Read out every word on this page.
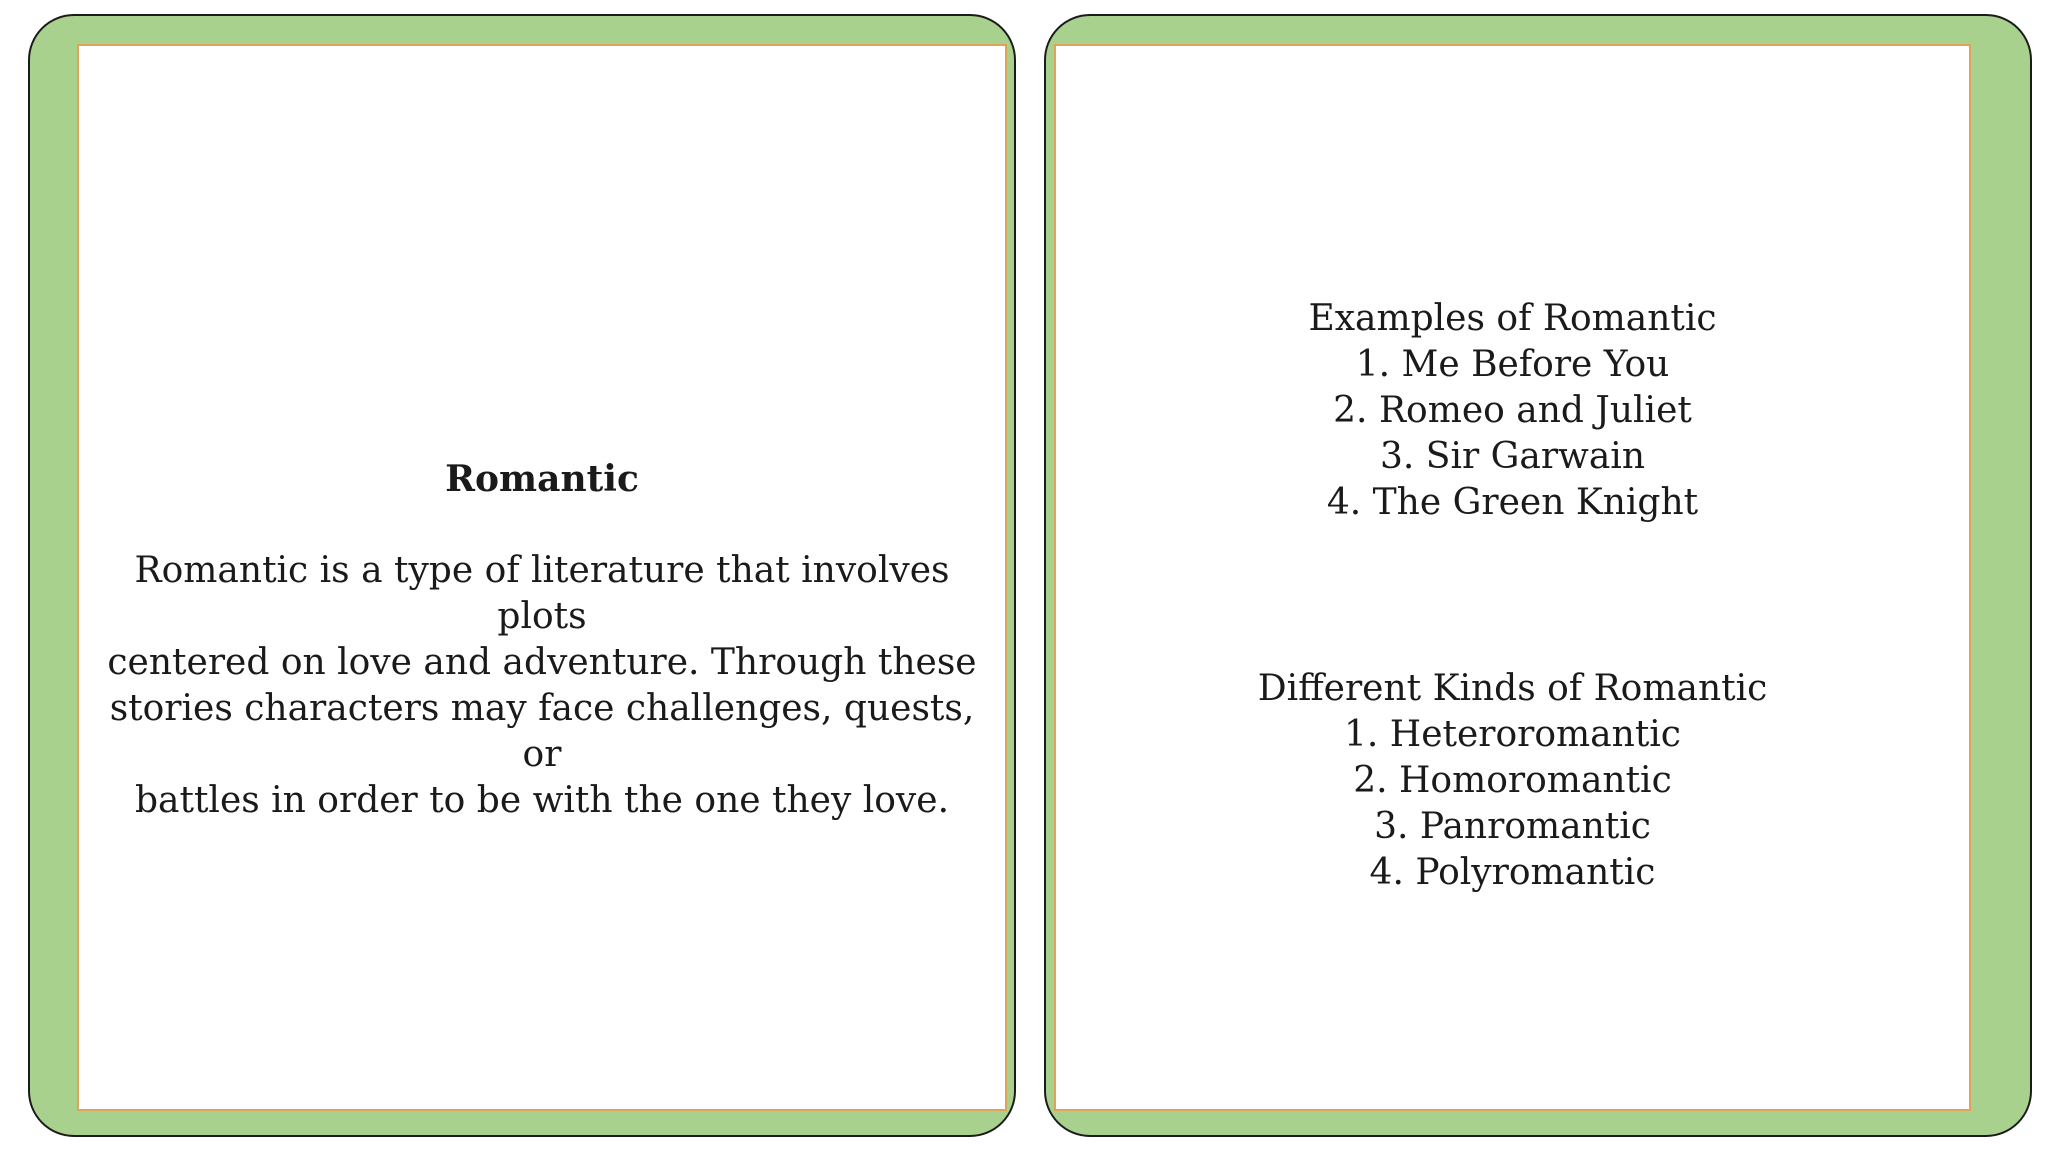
Romantic
Romantic is a type of literature that involves plots
centered on love and adventure. Through these
stories characters may face challenges, quests, or
battles in order to be with the one they love.
Examples of Romantic
1. Me Before You
2. Romeo and Juliet
3. Sir Garwain
4. The Green Knight
Different Kinds of Romantic
1. Heteroromantic
2. Homoromantic
3. Panromantic
4. Polyromantic
